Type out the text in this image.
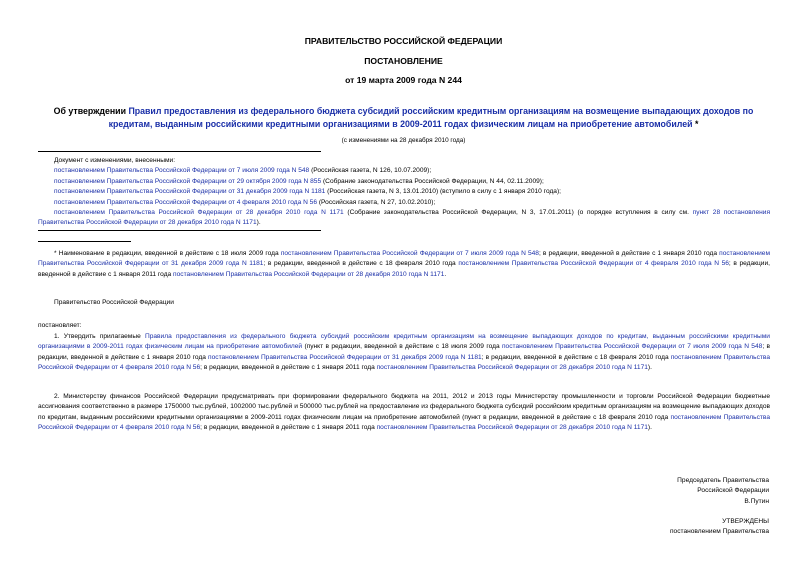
ПРАВИТЕЛЬСТВО РОССИЙСКОЙ ФЕДЕРАЦИИ
ПОСТАНОВЛЕНИЕ
от 19 марта 2009 года N 244
Об утверждении Правил предоставления из федерального бюджета субсидий российским кредитным организациям на возмещение выпадающих доходов по кредитам, выданным российскими кредитными организациями в 2009-2011 годах физическим лицам на приобретение автомобилей *
(с изменениями на 28 декабря 2010 года)
Документ с изменениями, внесенными:
постановлением Правительства Российской Федерации от 7 июля 2009 года N 548 (Российская газета, N 126, 10.07.2009);
постановлением Правительства Российской Федерации от 29 октября 2009 года N 855 (Собрание законодательства Российской Федерации, N 44, 02.11.2009);
постановлением Правительства Российской Федерации от 31 декабря 2009 года N 1181 (Российская газета, N 3, 13.01.2010) (вступило в силу с 1 января 2010 года);
постановлением Правительства Российской Федерации от 4 февраля 2010 года N 56 (Российская газета, N 27, 10.02.2010);
постановлением Правительства Российской Федерации от 28 декабря 2010 года N 1171 (Собрание законодательства Российской Федерации, N 3, 17.01.2011) (о порядке вступления в силу см. пункт 28 постановления Правительства Российской Федерации от 28 декабря 2010 года N 1171).
* Наименование в редакции, введенной в действие с 18 июля 2009 года постановлением Правительства Российской Федерации от 7 июля 2009 года N 548; в редакции, введенной в действие с 1 января 2010 года постановлением Правительства Российской Федерации от 31 декабря 2009 года N 1181; в редакции, введенной в действие с 18 февраля 2010 года постановлением Правительства Российской Федерации от 4 февраля 2010 года N 56; в редакции, введенной в действие с 1 января 2011 года постановлением Правительства Российской Федерации от 28 декабря 2010 года N 1171.
Правительство Российской Федерации
постановляет:
1. Утвердить прилагаемые Правила предоставления из федерального бюджета субсидий российским кредитным организациям на возмещение выпадающих доходов по кредитам, выданным российскими кредитными организациями в 2009-2011 годах физическим лицам на приобретение автомобилей (пункт в редакции, введенной в действие с 18 июля 2009 года постановлением Правительства Российской Федерации от 7 июля 2009 года N 548; в редакции, введенной в действие с 1 января 2010 года постановлением Правительства Российской Федерации от 31 декабря 2009 года N 1181; в редакции, введенной в действие с 18 февраля 2010 года постановлением Правительства Российской Федерации от 4 февраля 2010 года N 56; в редакции, введенной в действие с 1 января 2011 года постановлением Правительства Российской Федерации от 28 декабря 2010 года N 1171).
2. Министерству финансов Российской Федерации предусматривать при формировании федерального бюджета на 2011, 2012 и 2013 годы Министерству промышленности и торговли Российской Федерации бюджетные ассигнования соответственно в размере 1750000 тыс.рублей, 1002000 тыс.рублей и 500000 тыс.рублей на предоставление из федерального бюджета субсидий российским кредитным организациям на возмещение выпадающих доходов по кредитам, выданным российскими кредитными организациями в 2009-2011 годах физическим лицам на приобретение автомобилей (пункт в редакции, введенной в действие с 18 февраля 2010 года постановлением Правительства Российской Федерации от 4 февраля 2010 года N 56; в редакции, введенной в действие с 1 января 2011 года постановлением Правительства Российской Федерации от 28 декабря 2010 года N 1171).
Председатель Правительства
Российской Федерации
В.Путин
УТВЕРЖДЕНЫ
постановлением Правительства
